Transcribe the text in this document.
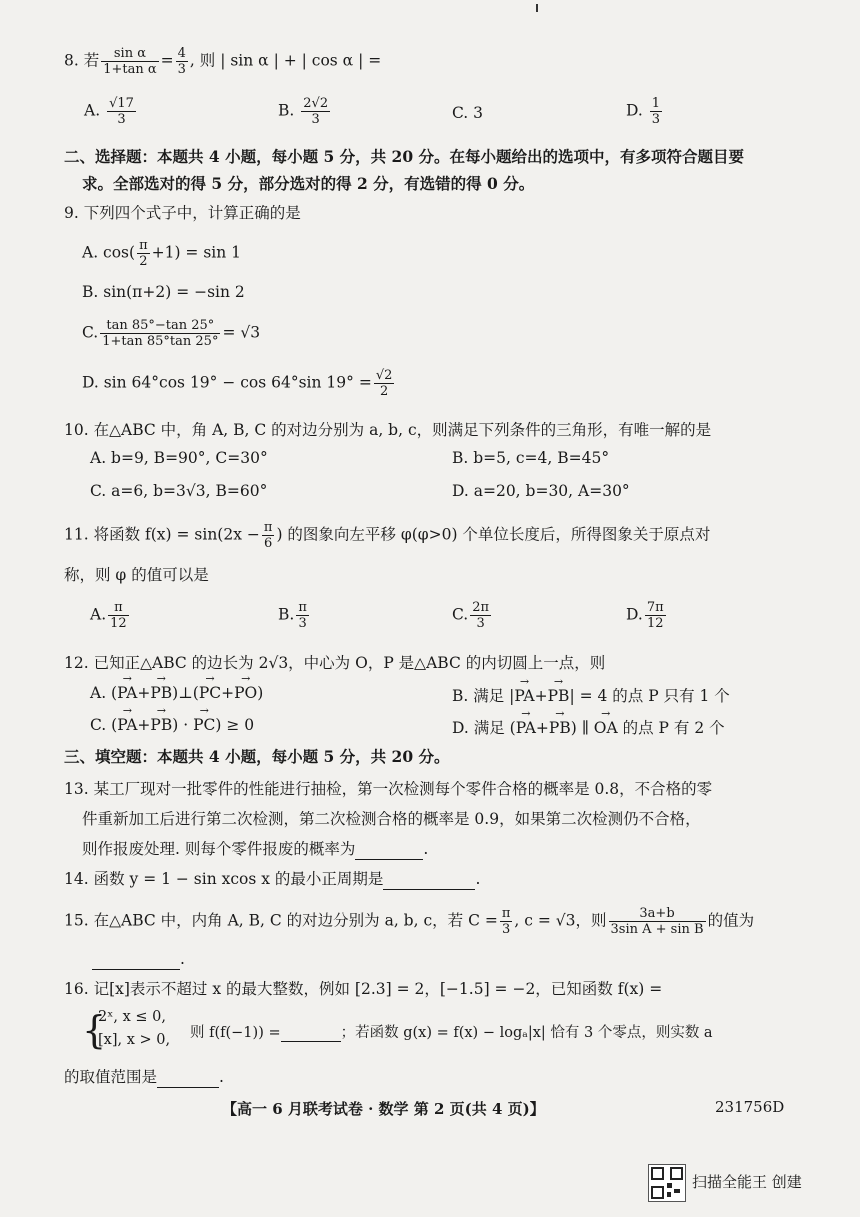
8. 若 $\frac{\text{sin α}}{\text{1+tan α}} = \frac{4}{3}$ , 则 | sin α | + | cos α | =
A. $\frac{√17}{3}$	B. $\frac{2√2}{3}$	C. 3	D. $\frac{1}{3}$
二、选择题：本题共 4 小题，每小题 5 分，共 20 分。在每小题给出的选项中，有多项符合题目要
求。全部选对的得 5 分，部分选对的得 2 分，有选错的得 0 分。
9. 下列四个式子中，计算正确的是
A. $\cos( \frac{\pi}{2} +1) = \sin 1$
B. sin(π+2) = −sin 2
C. $\frac{\tan 85^\circ-\tan 25^\circ}{1+\tan 85^\circ\tan 25^\circ} = √3$
D. sin 64°cos 19° − cos 64°sin $19^\circ = \frac{√2}{2}$
10. 在△ABC 中，角 A, B, C 的对边分别为 a, b, c，则满足下列条件的三角形，有唯一解的是
A. b=9, B=90°, C=30°	B. b=5, c=4, B=45°
C. a=6, b=3√3, B=60°	D. a=20, b=30, A=30°
11. 将函数 $f(x) = \sin(2x - \frac{\pi}{6}$ ) 的图象向左平移 φ(φ>0) 个单位长度后，所得图象关于原点对
称，则 φ 的值可以是
A. $\frac{\pi}{12}$	B. $\frac{\pi}{3}$	C. $\frac{2\pi}{3}$	D. $\frac{7\pi}{12}$
12. 已知正△ABC 的边长为 2√3，中心为 O，P 是△ABC 的内切圆上一点，则
A. (→ PA+→ PB)⊥(→ PC+→ PO)	B. 满足 |→ PA+→ PB| = 4 的点 P 只有 1 个
C. (→ PA+→ PB) · → PC) ≥ 0	D. 满足 (→ PA+→ PB) ∥ → OA 的点 P 有 2 个
三、填空题：本题共 4 小题，每小题 5 分，共 20 分。
13. 某工厂现对一批零件的性能进行抽检，第一次检测每个零件合格的概率是 0.8，不合格的零
件重新加工后进行第二次检测，第二次检测合格的概率是 0.9，如果第二次检测仍不合格，
则作报废处理. 则每个零件报废的概率为	.
14. 函数 y = 1 − sin xcos x 的最小正周期是	.
15. 在△ABC 中，内角 A, B, C 的对边分别为 a, b, c，若 $C = \frac{\pi}{3}$ , c = √3，则 $\frac{3a+b}{\text{3sin A + sin B}}$ 的值为
.
16. 记[x]表示不超过 x 的最大整数，例如 [2.3] = 2，[−1.5] = −2，已知函数 f(x) =
{
2ˣ, x ≤ 0,
[x], x > 0, 则 f(f(−1)) =	；若函数 g(x) = f(x) − logₐ|x| 恰有 3 个零点，则实数 a
的取值范围是	.
【高一 6 月联考试卷 · 数学 第 2 页(共 4 页)】	231756D
扫描全能王 创建
